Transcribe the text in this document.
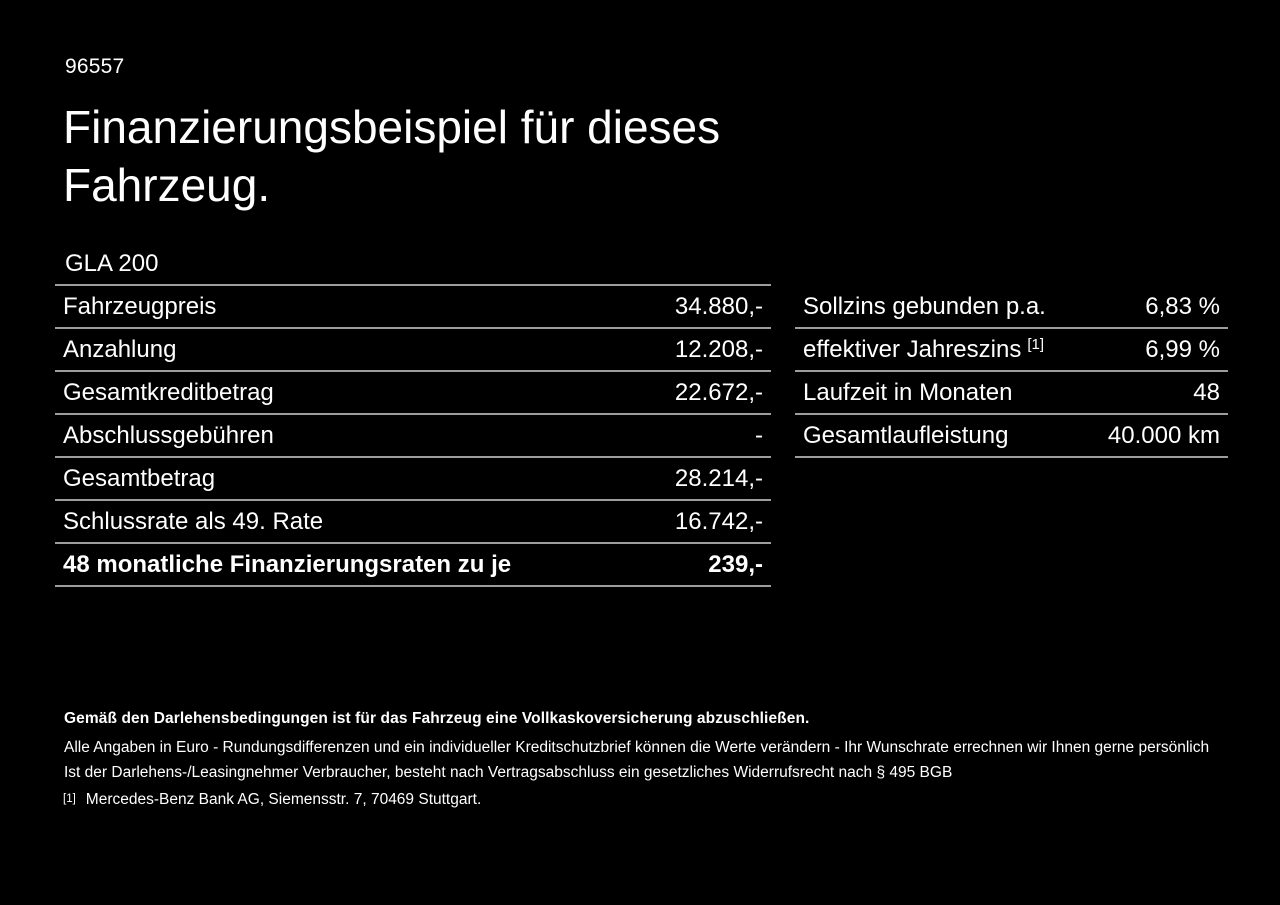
96557
Finanzierungsbeispiel für dieses
Fahrzeug.
GLA 200
Fahrzeugpreis	34.880,-
Anzahlung	12.208,-
Gesamtkreditbetrag	22.672,-
Abschlussgebühren	-
Gesamtbetrag	28.214,-
Schlussrate als 49. Rate	16.742,-
48 monatliche Finanzierungsraten zu je	239,-
Sollzins gebunden p.a.	6,83 %
effektiver Jahreszins [1]	6,99 %
Laufzeit in Monaten	48
Gesamtlaufleistung	40.000 km
Gemäß den Darlehensbedingungen ist für das Fahrzeug eine Vollkaskoversicherung abzuschließen.
Alle Angaben in Euro - Rundungsdifferenzen und ein individueller Kreditschutzbrief können die Werte verändern - Ihr Wunschrate errechnen wir Ihnen gerne persönlich
Ist der Darlehens-/Leasingnehmer Verbraucher, besteht nach Vertragsabschluss ein gesetzliches Widerrufsrecht nach § 495 BGB
[1] Mercedes-Benz Bank AG, Siemensstr. 7, 70469 Stuttgart.
